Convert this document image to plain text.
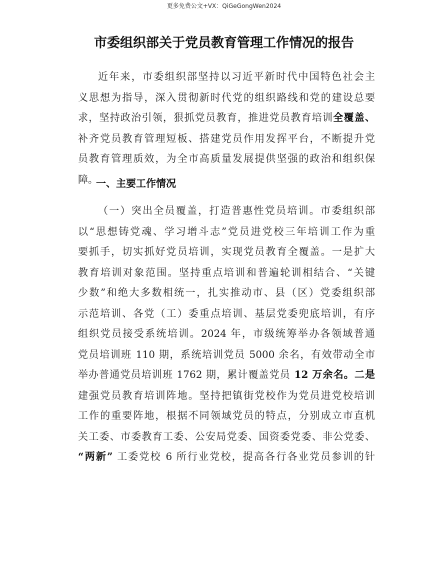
更多免费公文+VX：QiGeGongWen2024
市委组织部关于党员教育管理工作情况的报告

近年来，市委组织部坚持以习近平新时代中国特色社会主
义思想为指导，深入贯彻新时代党的组织路线和党的建设总要
求，坚持政治引领，狠抓党员教育，推进党员教育培训全覆盖、
补齐党员教育管理短板、搭建党员作用发挥平台，不断提升党
员教育管理质效，为全市高质量发展提供坚强的政治和组织保
障。

一、主要工作情况

（一）突出全员覆盖，打造普惠性党员培训。市委组织部
以“思想铸党魂、学习增斗志”党员进党校三年培训工作为重
要抓手，切实抓好党员培训，实现党员教育全覆盖。一是扩大
教育培训对象范围。坚持重点培训和普遍轮训相结合、“关键
少数”和绝大多数相统一，扎实推动市、县（区）党委组织部
示范培训、各党（工）委重点培训、基层党委兜底培训，有序
组织党员接受系统培训。2024 年，市级统筹举办各领域普通
党员培训班 110 期，系统培训党员 5000 余名，有效带动全市
举办普通党员培训班 1762 期，累计覆盖党员 12 万余名。二是
建强党员教育培训阵地。坚持把镇街党校作为党员进党校培训
工作的重要阵地，根据不同领域党员的特点，分别成立市直机
关工委、市委教育工委、公安局党委、国资委党委、非公党委、
“两新” 工委党校 6 所行业党校，提高各行各业党员参训的针
